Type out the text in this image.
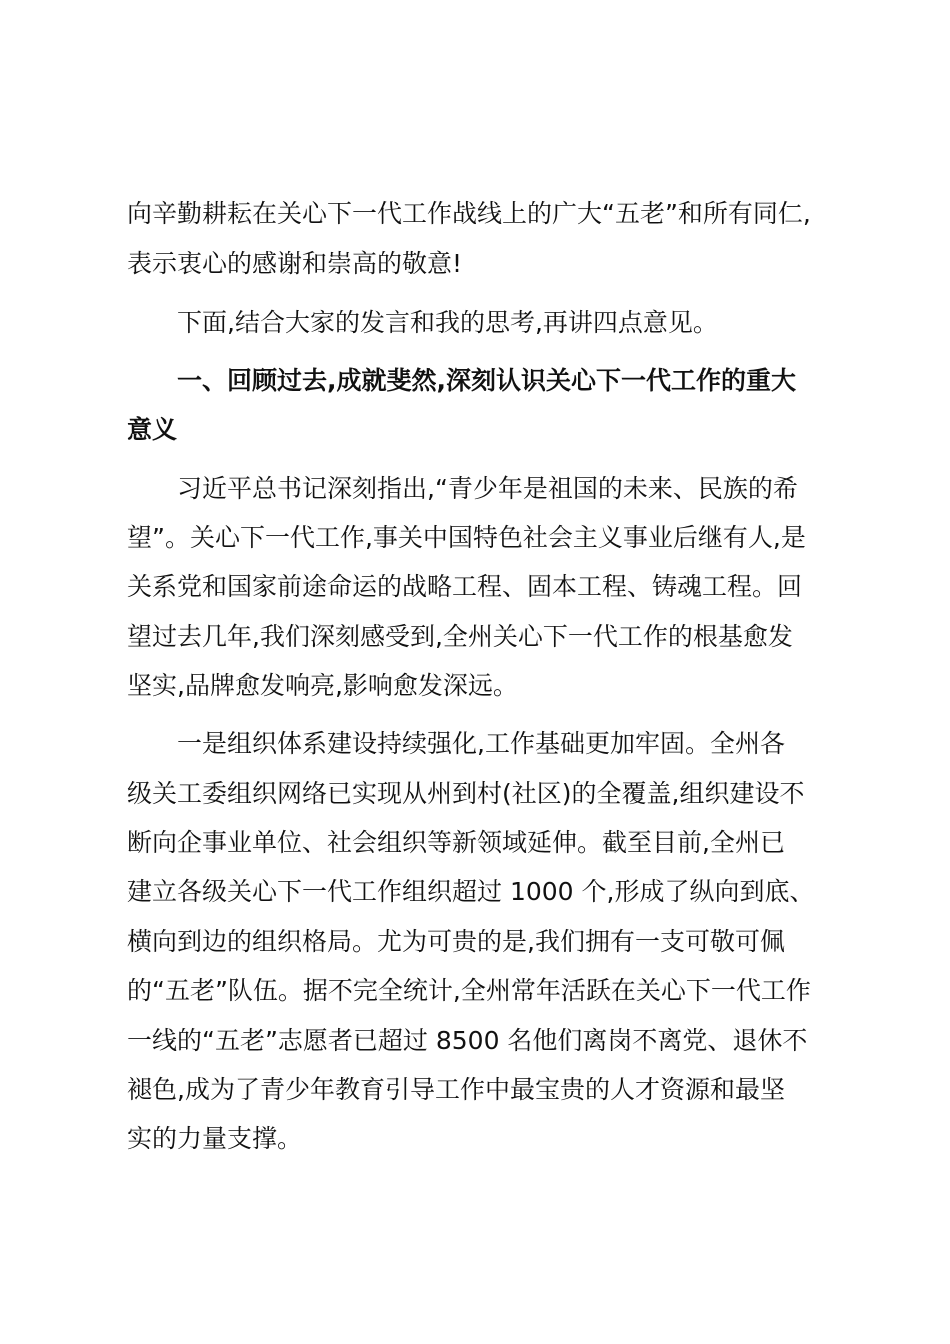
向辛勤耕耘在关心下一代工作战线上的广大“五老”和所有同仁,
表示衷心的感谢和崇高的敬意!
下面,结合大家的发言和我的思考,再讲四点意见。
一、回顾过去,成就斐然,深刻认识关心下一代工作的重大
意义
习近平总书记深刻指出,“青少年是祖国的未来、民族的希
望”。关心下一代工作,事关中国特色社会主义事业后继有人,是
关系党和国家前途命运的战略工程、固本工程、铸魂工程。回
望过去几年,我们深刻感受到,全州关心下一代工作的根基愈发
坚实,品牌愈发响亮,影响愈发深远。
一是组织体系建设持续强化,工作基础更加牢固。全州各
级关工委组织网络已实现从州到村(社区)的全覆盖,组织建设不
断向企事业单位、社会组织等新领域延伸。截至目前,全州已
建立各级关心下一代工作组织超过 1000 个,形成了纵向到底、
横向到边的组织格局。尤为可贵的是,我们拥有一支可敬可佩
的“五老”队伍。据不完全统计,全州常年活跃在关心下一代工作
一线的“五老”志愿者已超过 8500 名他们离岗不离党、退休不
褪色,成为了青少年教育引导工作中最宝贵的人才资源和最坚
实的力量支撑。
